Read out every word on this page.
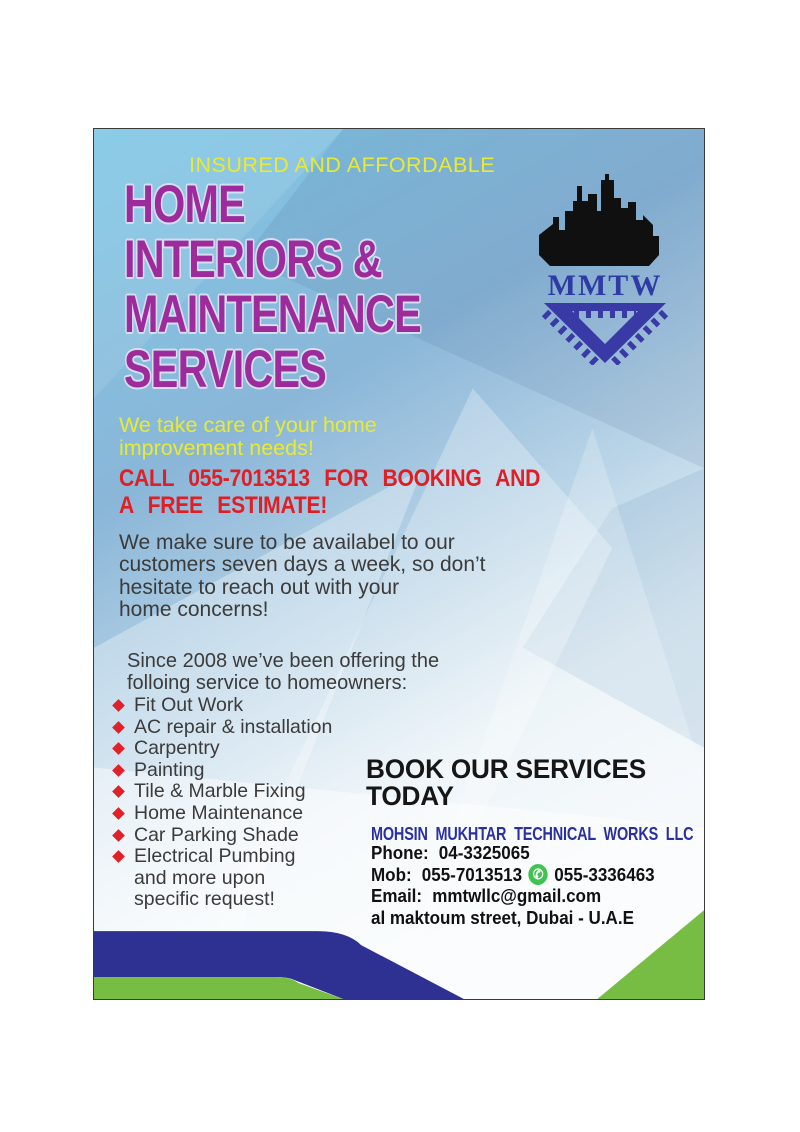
INSURED AND AFFORDABLE
HOME
INTERIORS &
MAINTENANCE
SERVICES
MMTW
We take care of your home
improvement needs!
CALL 055-7013513 FOR BOOKING AND
A FREE ESTIMATE!
We make sure to be availabel to our
customers seven days a week, so don’t
hesitate to reach out with your
home concerns!
Since 2008 we’ve been offering the
folloing service to homeowners:
Fit Out Work
AC repair & installation
Carpentry
Painting
Tile & Marble Fixing
Home Maintenance
Car Parking Shade
Electrical Pumbing
and more upon
specific request!
BOOK OUR SERVICES
TODAY
MOHSIN MUKHTAR TECHNICAL WORKS LLC
Phone: 04-3325065
Mob: 055-7013513 ✆ 055-3336463
Email: mmtwllc@gmail.com
al maktoum street, Dubai - U.A.E
